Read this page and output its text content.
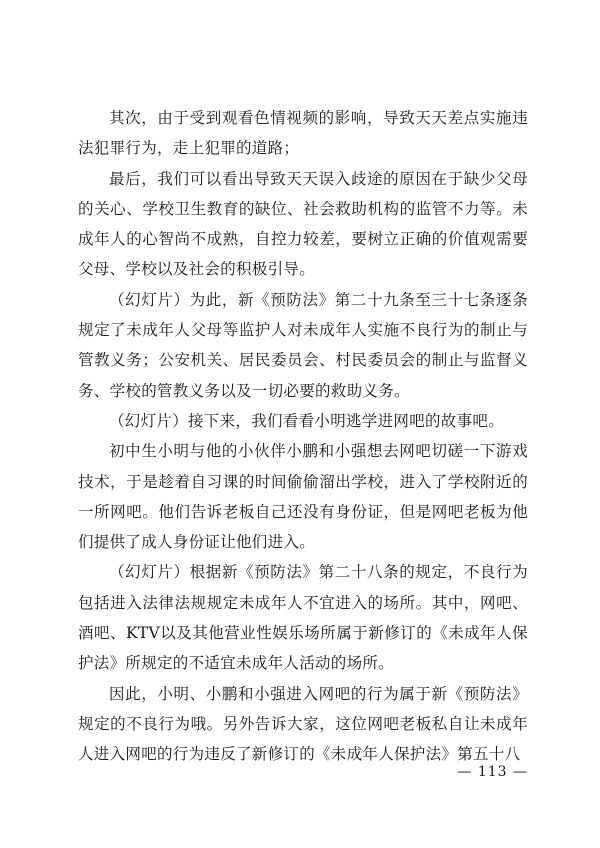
其次，由于受到观看色情视频的影响，导致天天差点实施违法犯罪行为，走上犯罪的道路；

最后，我们可以看出导致天天误入歧途的原因在于缺少父母的关心、学校卫生教育的缺位、社会救助机构的监管不力等。未成年人的心智尚不成熟，自控力较差，要树立正确的价值观需要父母、学校以及社会的积极引导。

（幻灯片）为此，新《预防法》第二十九条至三十七条逐条规定了未成年人父母等监护人对未成年人实施不良行为的制止与管教义务；公安机关、居民委员会、村民委员会的制止与监督义务、学校的管教义务以及一切必要的救助义务。

（幻灯片）接下来，我们看看小明逃学进网吧的故事吧。

初中生小明与他的小伙伴小鹏和小强想去网吧切磋一下游戏技术，于是趁着自习课的时间偷偷溜出学校，进入了学校附近的一所网吧。他们告诉老板自己还没有身份证，但是网吧老板为他们提供了成人身份证让他们进入。

（幻灯片）根据新《预防法》第二十八条的规定，不良行为包括进入法律法规规定未成年人不宜进入的场所。其中，网吧、酒吧、KTV以及其他营业性娱乐场所属于新修订的《未成年人保护法》所规定的不适宜未成年人活动的场所。

因此，小明、小鹏和小强进入网吧的行为属于新《预防法》规定的不良行为哦。另外告诉大家，这位网吧老板私自让未成年人进入网吧的行为违反了新修订的《未成年人保护法》第五十八

— 113 —
